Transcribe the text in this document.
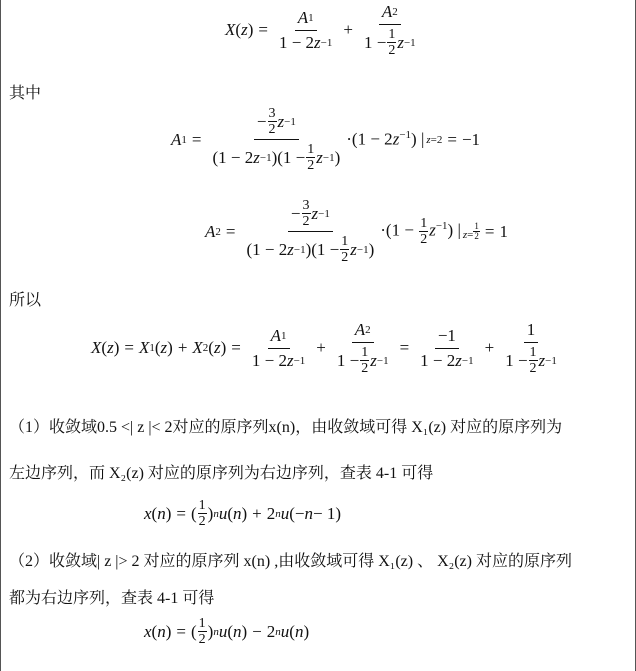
X ( z ) = $\frac{A 1}{1 - 2 z -1} + A$ 2
1 − 1
2 z −1
其中
A 1 = − 3
2 z −1
(1 − 2 z −1 )(1 − 1
2 z −1 ) $\cdot(1 - 2z^{-1})$ | z =2 = −1
A 2 = − 3
2 z −1
(1 − 2 z −1 )(1 − 1
2 z −1 ) $\cdot(1 - \frac{1}{2} z^{-1})$ | z =
1
2 = 1
所以
X ( z ) = X 1 ( z ) + X 2 ( z ) = $\frac{A 1}{1 - 2 z -1} + A$ 2
1 − 1
2 $z -1 = \frac{-1}{1 - 2 z -1} + 1$
1 − 1
2 z −1
（1）收敛域0.5 <| z |< 2对应的原序列x(n)，由收敛域可得 X₁(z) 对应的原序列为
左边序列，而 X₂(z) 对应的原序列为右边序列，查表 4-1 可得
x ( n ) = ( $\frac{1}{2}$ ) n u ( n ) + 2 n u (− n − 1)
（2）收敛域| z |> 2 对应的原序列 x(n) ,由收敛域可得 X₁(z) 、 X₂(z) 对应的原序列
都为右边序列，查表 4-1 可得
x ( n ) = ( $\frac{1}{2}$ ) n u ( n ) − 2 n u ( n )
